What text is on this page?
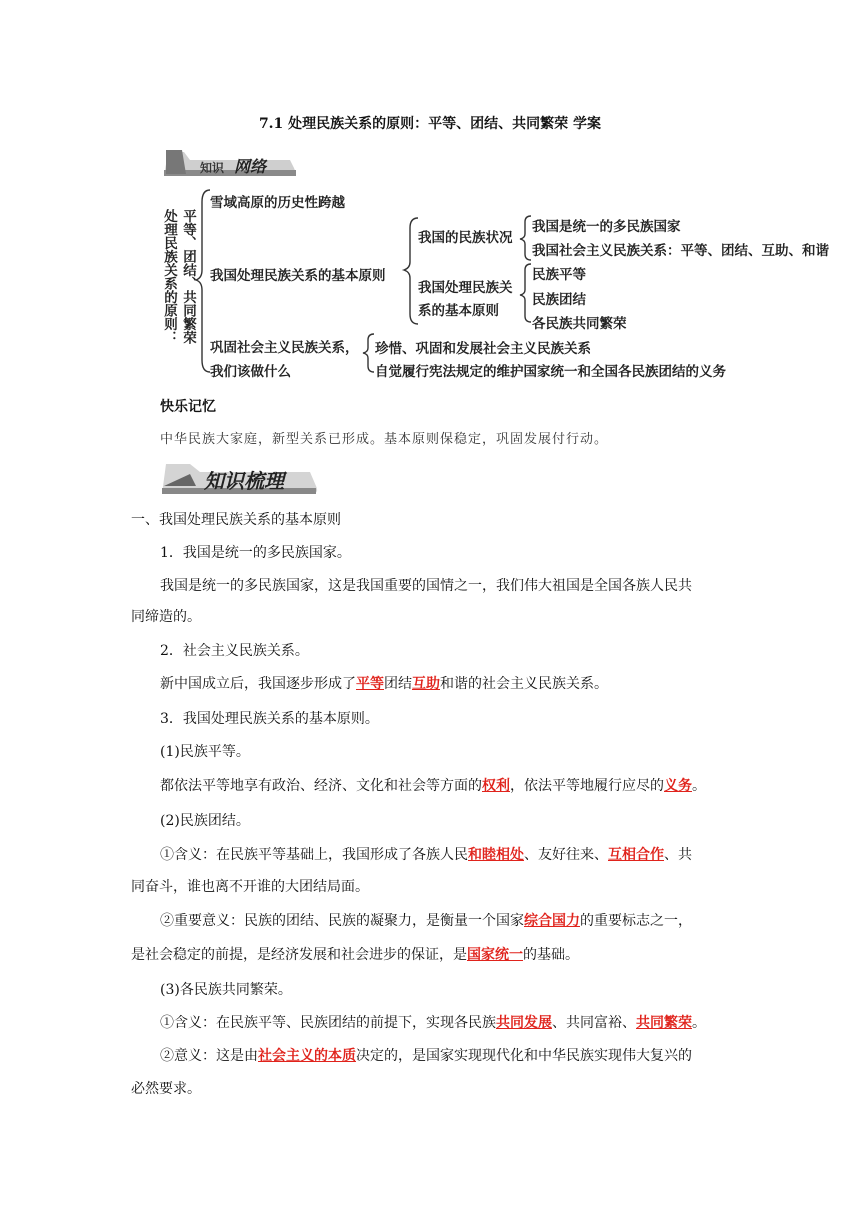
7.1 处理民族关系的原则：平等、团结、共同繁荣 学案
知识 网络
处理民族关系的原则： 平等、团结、共同繁荣
雪域高原的历史性跨越
我国处理民族关系的基本原则
我国的民族状况
我国是统一的多民族国家
我国社会主义民族关系：平等、团结、互助、和谐
我国处理民族关
系的基本原则
民族平等
民族团结
各民族共同繁荣
巩固社会主义民族关系，
我们该做什么
珍惜、巩固和发展社会主义民族关系
自觉履行宪法规定的维护国家统一和全国各民族团结的义务
快乐记忆
中华民族大家庭，新型关系已形成。基本原则保稳定，巩固发展付行动。
知识梳理
一、我国处理民族关系的基本原则
1．我国是统一的多民族国家。
我国是统一的多民族国家，这是我国重要的国情之一，我们伟大祖国是全国各族人民共
同缔造的。
2．社会主义民族关系。
新中国成立后，我国逐步形成了平等团结互助和谐的社会主义民族关系。
3．我国处理民族关系的基本原则。
(1)民族平等。
都依法平等地享有政治、经济、文化和社会等方面的权利，依法平等地履行应尽的义务。
(2)民族团结。
①含义：在民族平等基础上，我国形成了各族人民和睦相处、友好往来、互相合作、共
同奋斗，谁也离不开谁的大团结局面。
②重要意义：民族的团结、民族的凝聚力，是衡量一个国家综合国力的重要标志之一，
是社会稳定的前提，是经济发展和社会进步的保证，是国家统一的基础。
(3)各民族共同繁荣。
①含义：在民族平等、民族团结的前提下，实现各民族共同发展、共同富裕、共同繁荣。
②意义：这是由社会主义的本质决定的，是国家实现现代化和中华民族实现伟大复兴的
必然要求。
